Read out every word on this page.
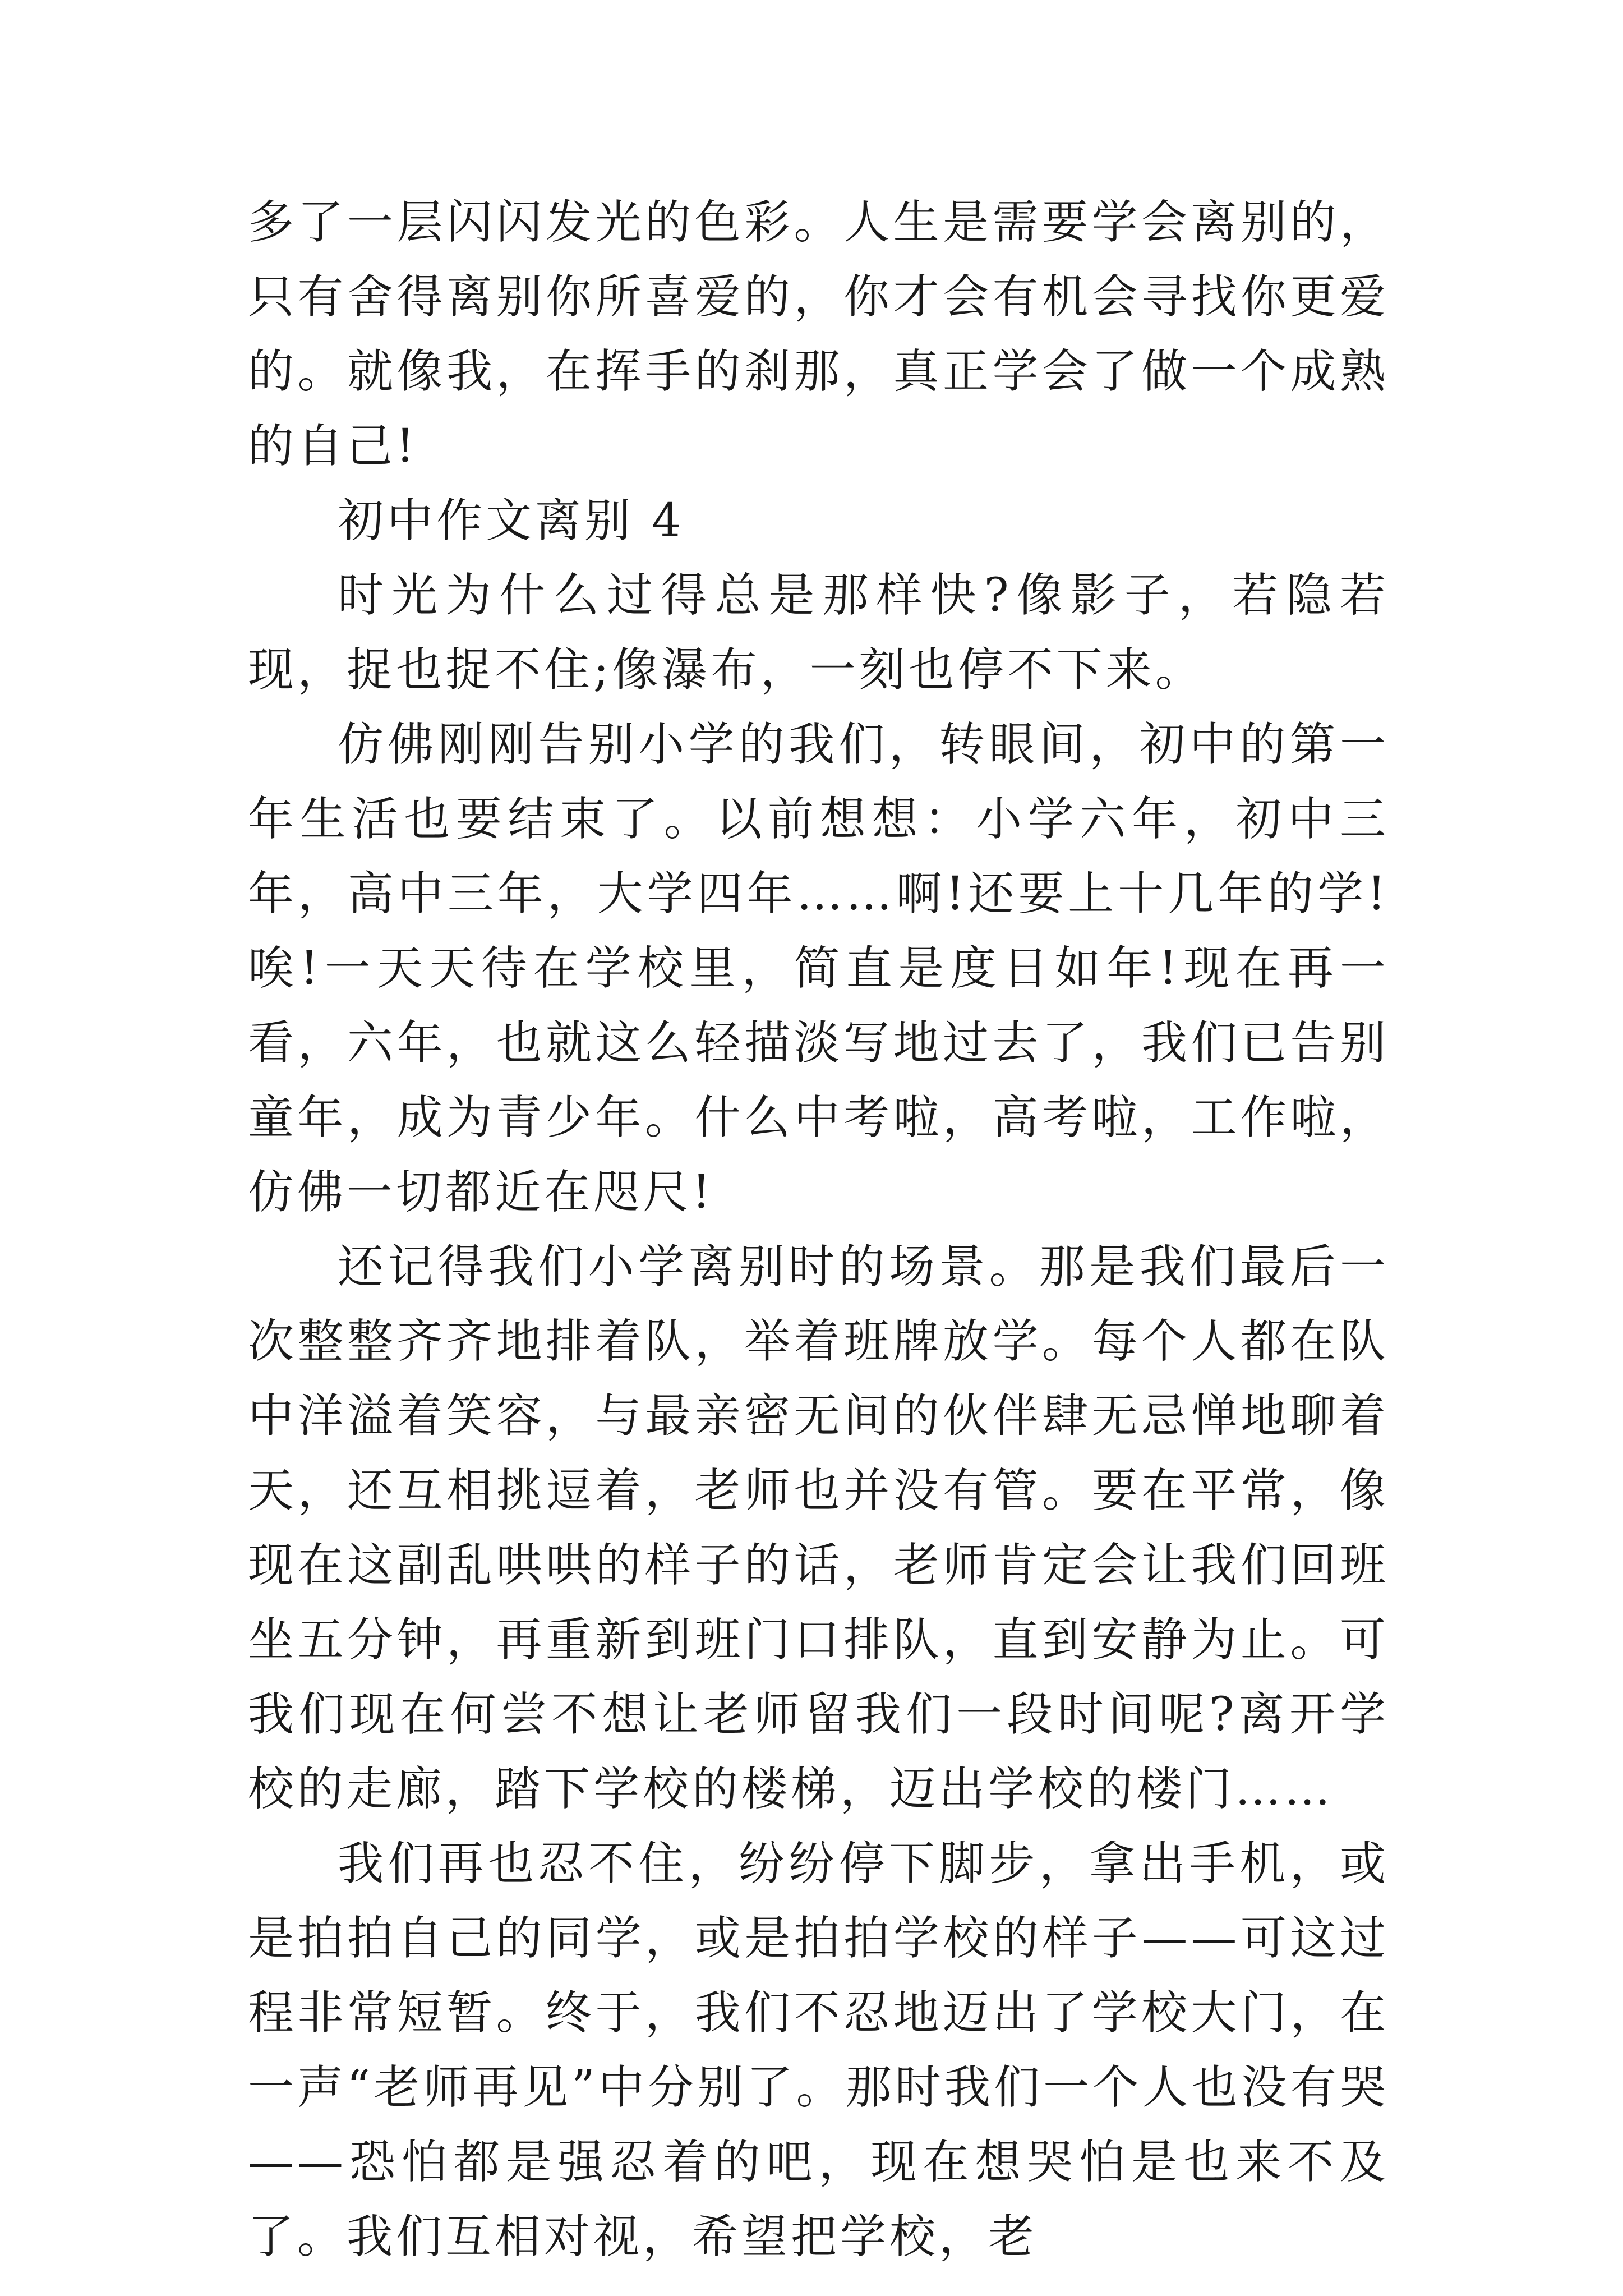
多了一层闪闪发光的色彩。人生是需要学会离别的，只有舍得离别你所喜爱的，你才会有机会寻找你更爱的。就像我，在挥手的刹那，真正学会了做一个成熟的自己!

初中作文离别 4

时光为什么过得总是那样快?像影子，若隐若现，捉也捉不住;像瀑布，一刻也停不下来。

仿佛刚刚告别小学的我们，转眼间，初中的第一年生活也要结束了。以前想想：小学六年，初中三年，高中三年，大学四年……啊!还要上十几年的学!唉!一天天待在学校里，简直是度日如年!现在再一看，六年，也就这么轻描淡写地过去了，我们已告别童年，成为青少年。什么中考啦，高考啦，工作啦，仿佛一切都近在咫尺!

还记得我们小学离别时的场景。那是我们最后一次整整齐齐地排着队，举着班牌放学。每个人都在队中洋溢着笑容，与最亲密无间的伙伴肆无忌惮地聊着天，还互相挑逗着，老师也并没有管。要在平常，像现在这副乱哄哄的样子的话，老师肯定会让我们回班坐五分钟，再重新到班门口排队，直到安静为止。可我们现在何尝不想让老师留我们一段时间呢?离开学校的走廊，踏下学校的楼梯，迈出学校的楼门……

我们再也忍不住，纷纷停下脚步，拿出手机，或是拍拍自己的同学，或是拍拍学校的样子——可这过程非常短暂。终于，我们不忍地迈出了学校大门，在一声“老师再见”中分别了。那时我们一个人也没有哭——恐怕都是强忍着的吧，现在想哭怕是也来不及了。我们互相对视，希望把学校，老
